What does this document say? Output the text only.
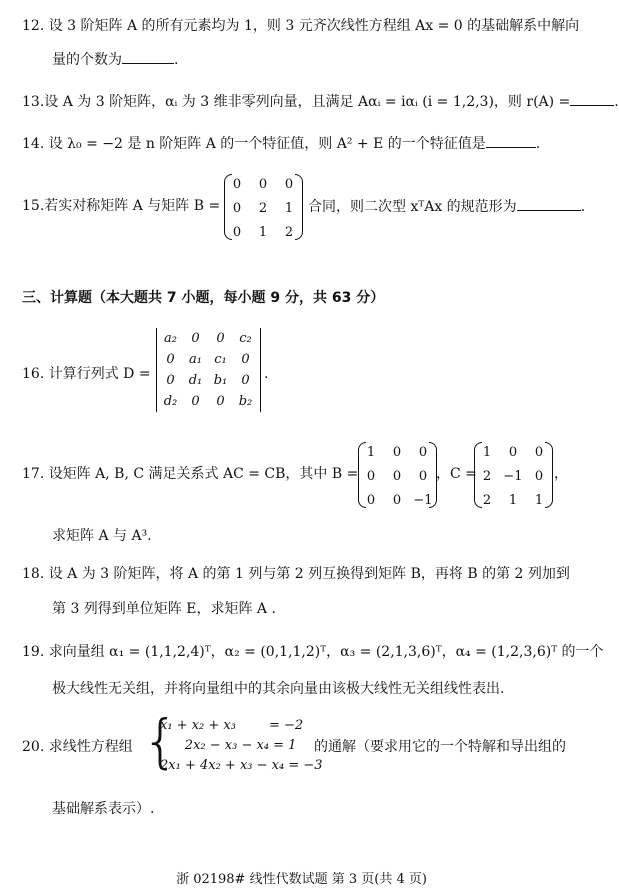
12. 设 3 阶矩阵 A 的所有元素均为 1，则 3 元齐次线性方程组 Ax = 0 的基础解系中解向
量的个数为	.
13.设 A 为 3 阶矩阵，αᵢ 为 3 维非零列向量，且满足 Aαᵢ = iαᵢ (i = 1,2,3)，则 r(A) =	.
14. 设 λ₀ = −2 是 n 阶矩阵 A 的一个特征值，则 A² + E 的一个特征值是	.
15.若实对称矩阵 A 与矩阵 B =
0 0 0
0 2 1
0 1 2
合同，则二次型 xᵀAx 的规范形为	.
三、计算题（本大题共 7 小题，每小题 9 分，共 63 分）
16. 计算行列式 D =
a₂ 0 0 c₂
0 a₁ c₁ 0
0 d₁ b₁ 0
d₂ 0 0 b₂
.
17. 设矩阵 A, B, C 满足关系式 AC = CB，其中 B =
1 0 0
0 0 0
0 0 −1
，C =
1 0 0
2 −1 0
2 1 1
，
求矩阵 A 与 A³.
18. 设 A 为 3 阶矩阵，将 A 的第 1 列与第 2 列互换得到矩阵 B，再将 B 的第 2 列加到
第 3 列得到单位矩阵 E，求矩阵 A .
19. 求向量组 α₁ = (1,1,2,4)ᵀ，α₂ = (0,1,1,2)ᵀ，α₃ = (2,1,3,6)ᵀ，α₄ = (1,2,3,6)ᵀ 的一个
极大线性无关组，并将向量组中的其余向量由该极大线性无关组线性表出.
20. 求线性方程组 {
x₁ + x₂ + x₃        = −2
2x₂ − x₃ − x₄ = 1
2x₁ + 4x₂ + x₃ − x₄ = −3
的通解（要求用它的一个特解和导出组的
基础解系表示）.
浙 02198# 线性代数试题 第 3 页(共 4 页)
